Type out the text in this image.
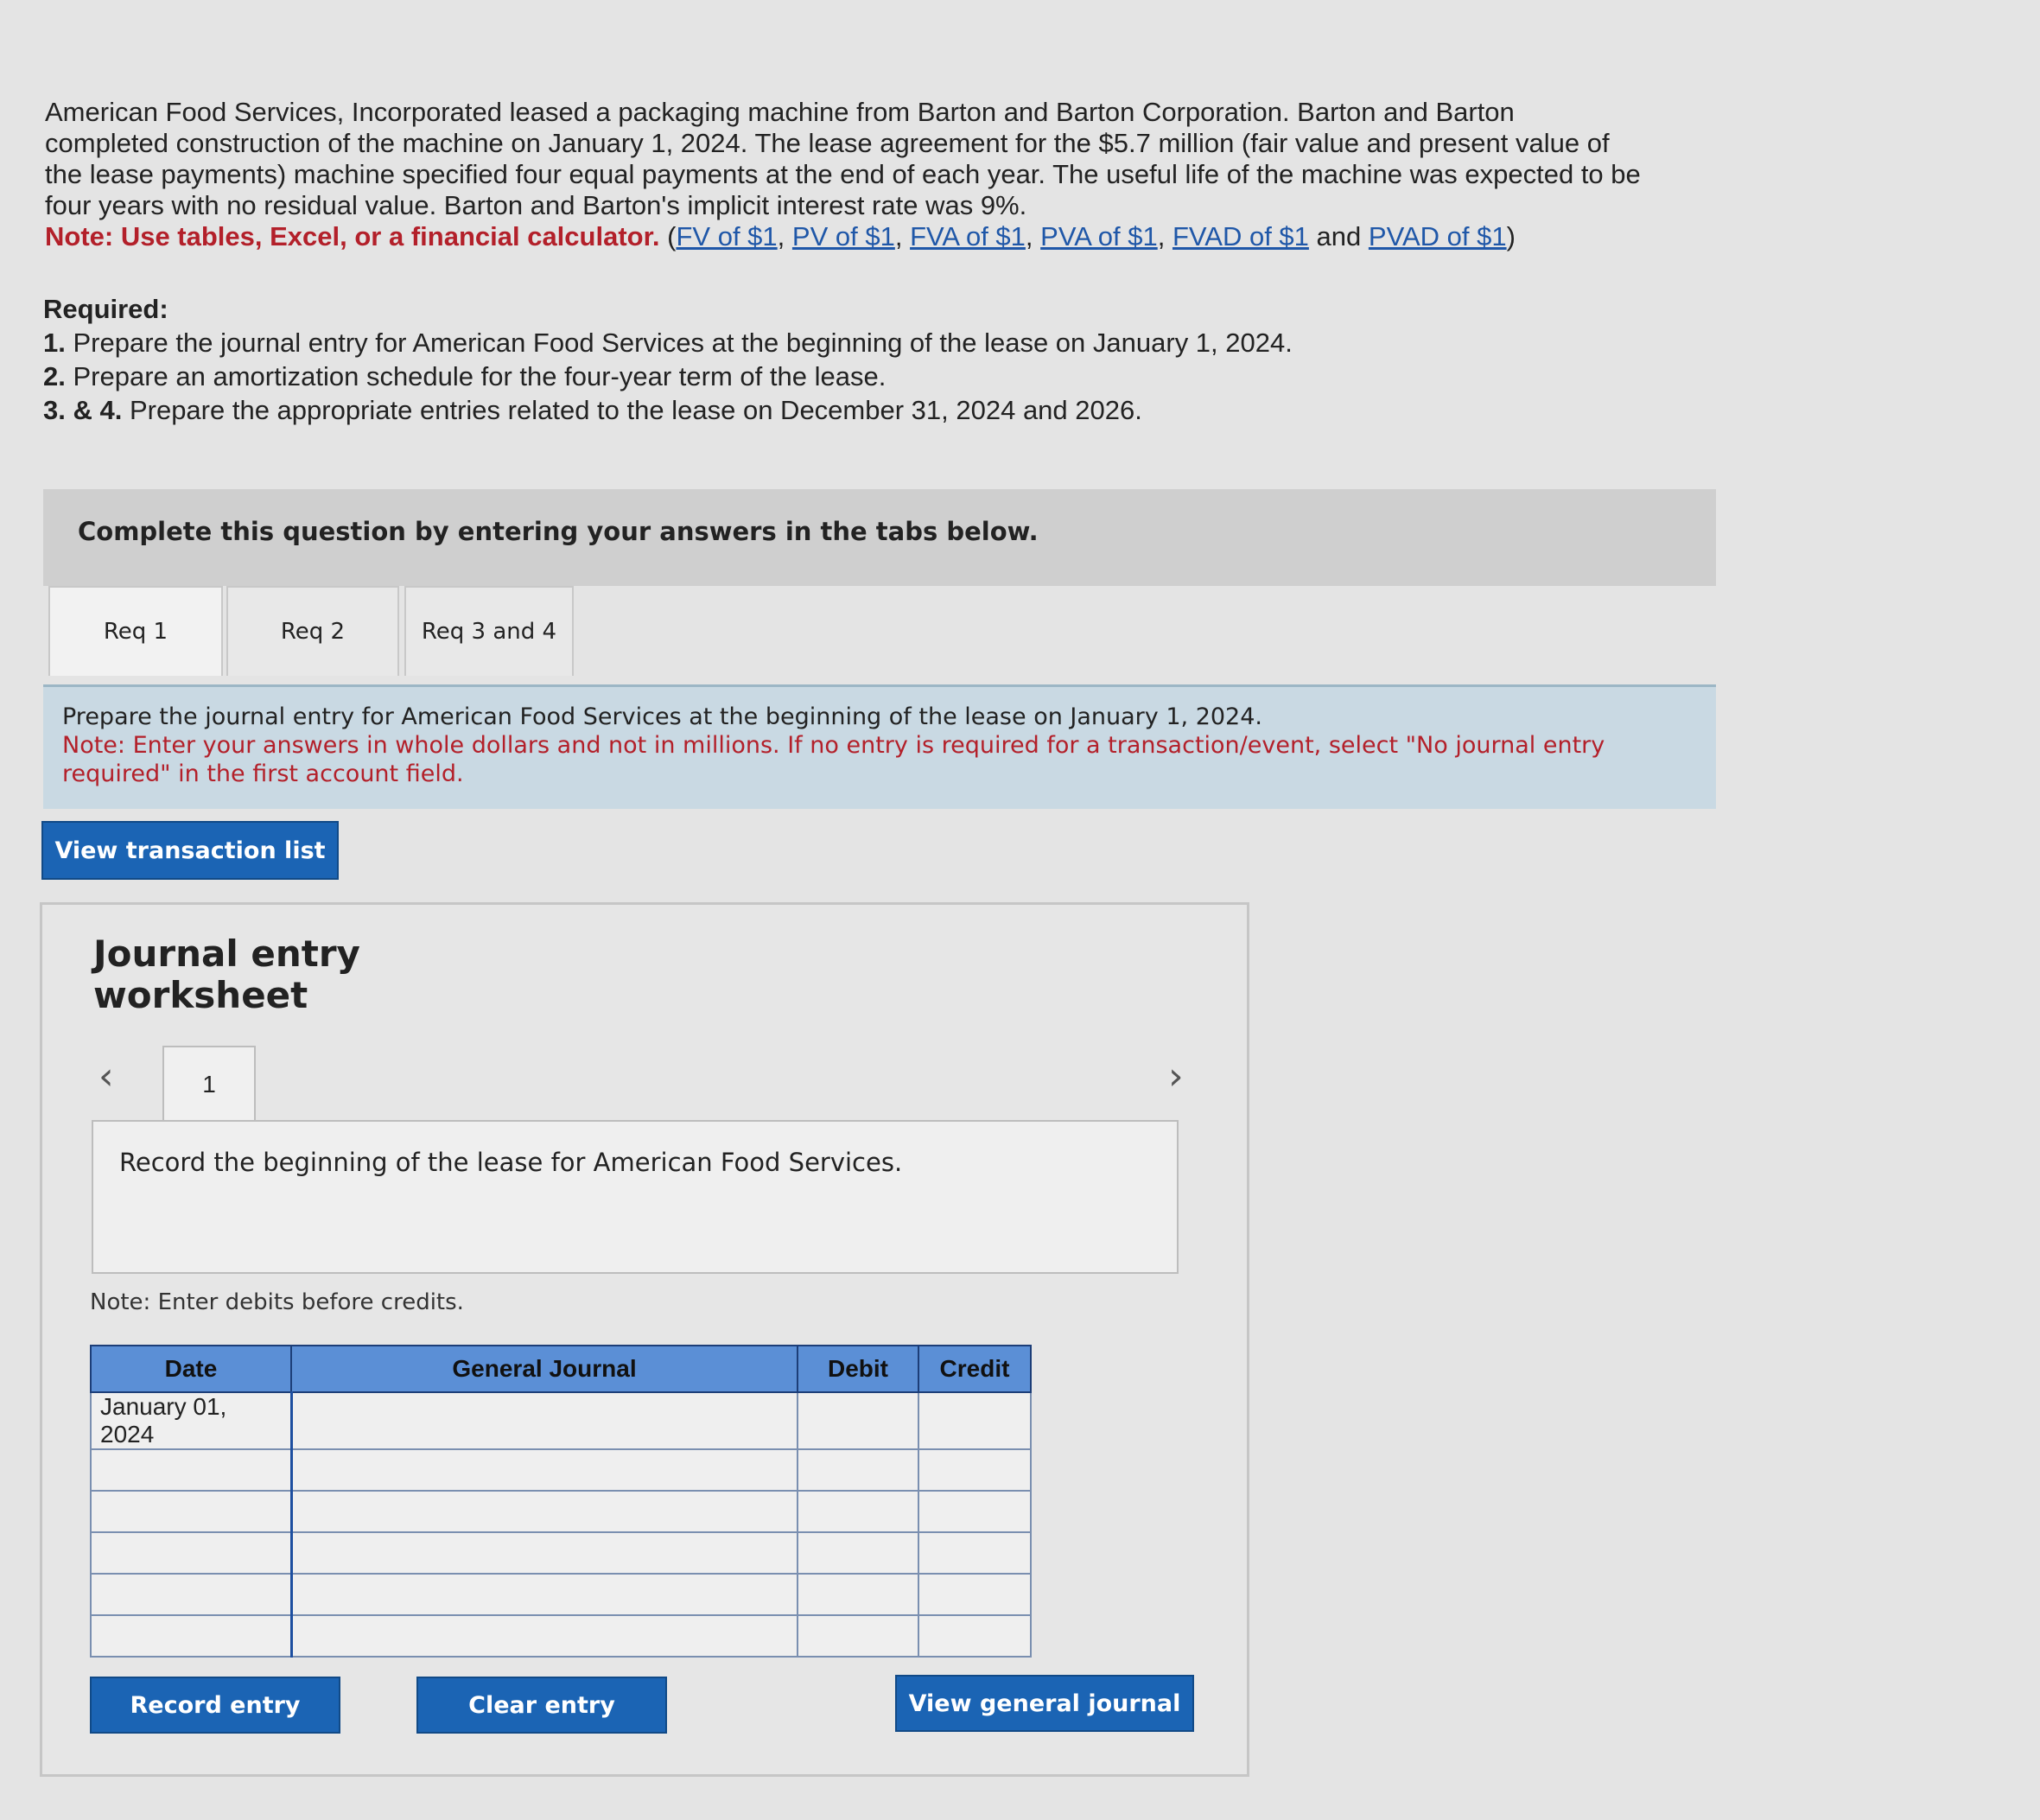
American Food Services, Incorporated leased a packaging machine from Barton and Barton Corporation. Barton and Barton

completed construction of the machine on January 1, 2024. The lease agreement for the $5.7 million (fair value and present value of

the lease payments) machine specified four equal payments at the end of each year. The useful life of the machine was expected to be

four years with no residual value. Barton and Barton's implicit interest rate was 9%.

Note: Use tables, Excel, or a financial calculator. (FV of $1, PV of $1, FVA of $1, PVA of $1, FVAD of $1 and PVAD of $1)

Required:
1. Prepare the journal entry for American Food Services at the beginning of the lease on January 1, 2024.
2. Prepare an amortization schedule for the four-year term of the lease.
3. & 4. Prepare the appropriate entries related to the lease on December 31, 2024 and 2026.
Complete this question by entering your answers in the tabs below.
Req 1	Req 2	Req 3 and 4
Prepare the journal entry for American Food Services at the beginning of the lease on January 1, 2024.
Note: Enter your answers in whole dollars and not in millions. If no entry is required for a transaction/event, select "No journal entry required" in the first account field.
View transaction list
Journal entry worksheet
‹	1	›
Record the beginning of the lease for American Food Services.
Note: Enter debits before credits.
Date	General Journal	Debit	Credit
January 01, 2024			

Record entry	Clear entry	View general journal
